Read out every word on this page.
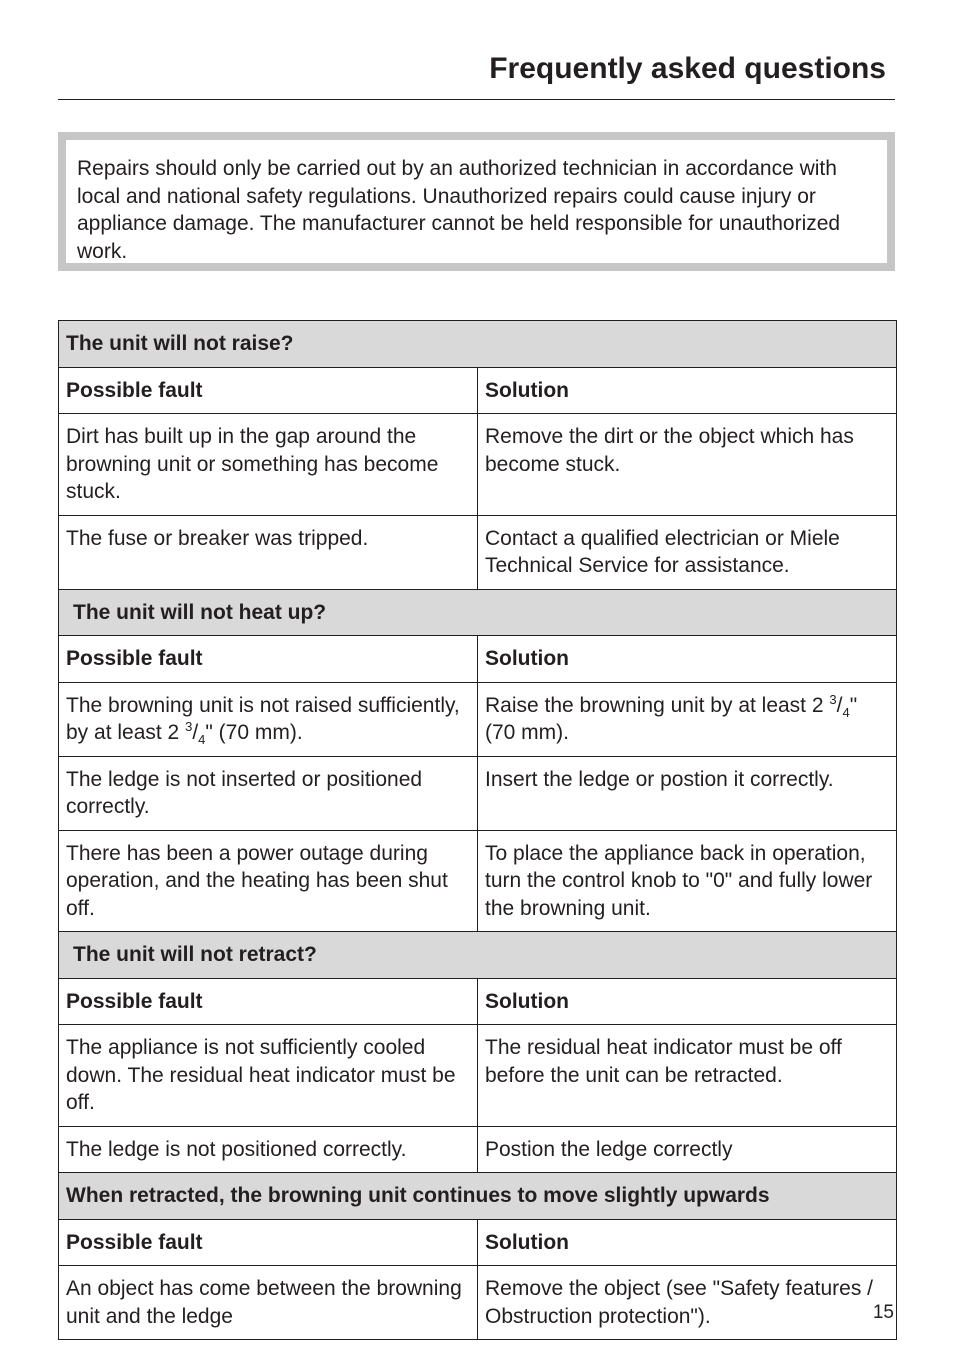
Frequently asked questions
Repairs should only be carried out by an authorized technician in accordance with local and national safety regulations. Unauthorized repairs could cause injury or appliance damage. The manufacturer cannot be held responsible for unauthorized work.
The unit will not raise?	
Possible fault	Solution
Dirt has built up in the gap around the browning unit or something has become stuck.	Remove the dirt or the object which has become stuck.
The fuse or breaker was tripped.	Contact a qualified electrician or Miele Technical Service for assistance.
The unit will not heat up?	
Possible fault	Solution
The browning unit is not raised sufficiently, by at least 2 $^3/_4$" (70 mm).	Raise the browning unit by at least 2 $^3/_4$" (70 mm).
The ledge is not inserted or positioned correctly.	Insert the ledge or postion it correctly.
There has been a power outage during operation, and the heating has been shut off.	To place the appliance back in operation, turn the control knob to "0" and fully lower the browning unit.
The unit will not retract?	
Possible fault	Solution
The appliance is not sufficiently cooled down. The residual heat indicator must be off.	The residual heat indicator must be off before the unit can be retracted.
The ledge is not positioned correctly.	Postion the ledge correctly
When retracted, the browning unit continues to move slightly upwards	
Possible fault	Solution
An object has come between the browning unit and the ledge	Remove the object (see "Safety features / Obstruction protection").	15
